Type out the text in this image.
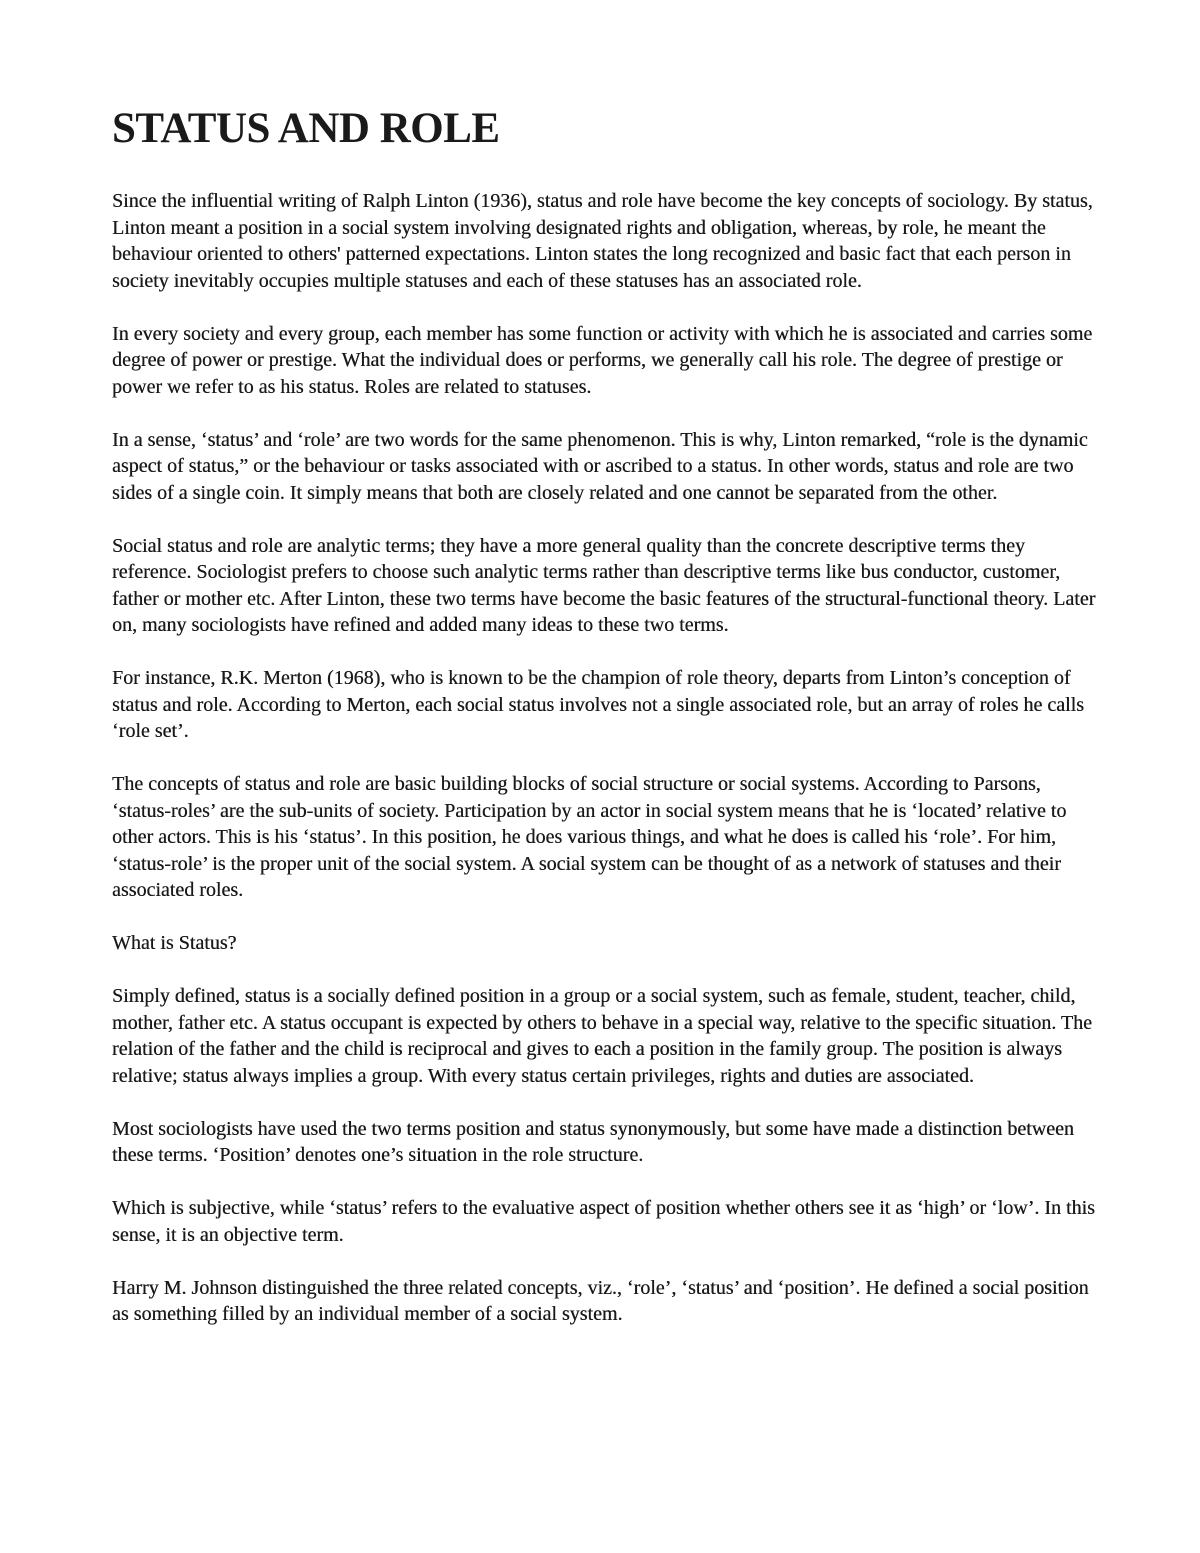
STATUS AND ROLE

Since the influential writing of Ralph Linton (1936), status and role have become the key concepts of sociology. By status, Linton meant a position in a social system involving designated rights and obligation, whereas, by role, he meant the behaviour oriented to others' patterned expectations. Linton states the long recognized and basic fact that each person in society inevitably occupies multiple statuses and each of these statuses has an associated role.

In every society and every group, each member has some function or activity with which he is associated and carries some degree of power or prestige. What the individual does or performs, we generally call his role. The degree of prestige or power we refer to as his status. Roles are related to statuses.

In a sense, ‘status’ and ‘role’ are two words for the same phenomenon. This is why, Linton remarked, “role is the dynamic aspect of status,” or the behaviour or tasks associated with or ascribed to a status. In other words, status and role are two sides of a single coin. It simply means that both are closely related and one cannot be separated from the other.

Social status and role are analytic terms; they have a more general quality than the concrete descriptive terms they reference. Sociologist prefers to choose such analytic terms rather than descriptive terms like bus conductor, customer, father or mother etc. After Linton, these two terms have become the basic features of the structural-functional theory. Later on, many sociologists have refined and added many ideas to these two terms.

For instance, R.K. Merton (1968), who is known to be the champion of role theory, departs from Linton’s conception of status and role. According to Merton, each social status involves not a single associated role, but an array of roles he calls ‘role set’.

The concepts of status and role are basic building blocks of social structure or social systems. According to Parsons, ‘status-roles’ are the sub-units of society. Participation by an actor in social system means that he is ‘located’ relative to other actors. This is his ‘status’. In this position, he does various things, and what he does is called his ‘role’. For him, ‘status-role’ is the proper unit of the social system. A social system can be thought of as a network of statuses and their associated roles.

What is Status?

Simply defined, status is a socially defined position in a group or a social system, such as female, student, teacher, child, mother, father etc. A status occupant is expected by others to behave in a special way, relative to the specific situation. The relation of the father and the child is reciprocal and gives to each a position in the family group. The position is always relative; status always implies a group. With every status certain privileges, rights and duties are associated.

Most sociologists have used the two terms position and status synonymously, but some have made a distinction between these terms. ‘Position’ denotes one’s situation in the role structure.

Which is subjective, while ‘status’ refers to the evaluative aspect of position whether others see it as ‘high’ or ‘low’. In this sense, it is an objective term.

Harry M. Johnson distinguished the three related concepts, viz., ‘role’, ‘status’ and ‘position’. He defined a social position as something filled by an individual member of a social system.
